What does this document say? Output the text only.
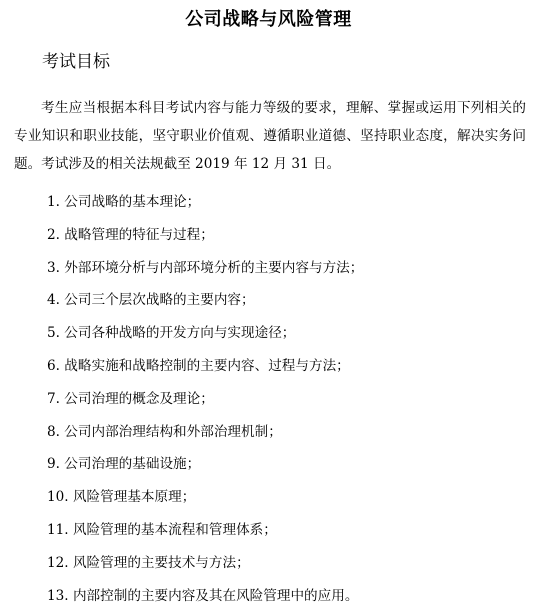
公司战略与风险管理
考试目标

考生应当根据本科目考试内容与能力等级的要求，理解、掌握或运用下列相关的专业知识和职业技能，坚守职业价值观、遵循职业道德、坚持职业态度，解决实务问题。考试涉及的相关法规截至 2019 年 12 月 31 日。

1. 公司战略的基本理论；
2. 战略管理的特征与过程；
3. 外部环境分析与内部环境分析的主要内容与方法；
4. 公司三个层次战略的主要内容；
5. 公司各种战略的开发方向与实现途径；
6. 战略实施和战略控制的主要内容、过程与方法；
7. 公司治理的概念及理论；
8. 公司内部治理结构和外部治理机制；
9. 公司治理的基础设施；
10. 风险管理基本原理；
11. 风险管理的基本流程和管理体系；
12. 风险管理的主要技术与方法；
13. 内部控制的主要内容及其在风险管理中的应用。
